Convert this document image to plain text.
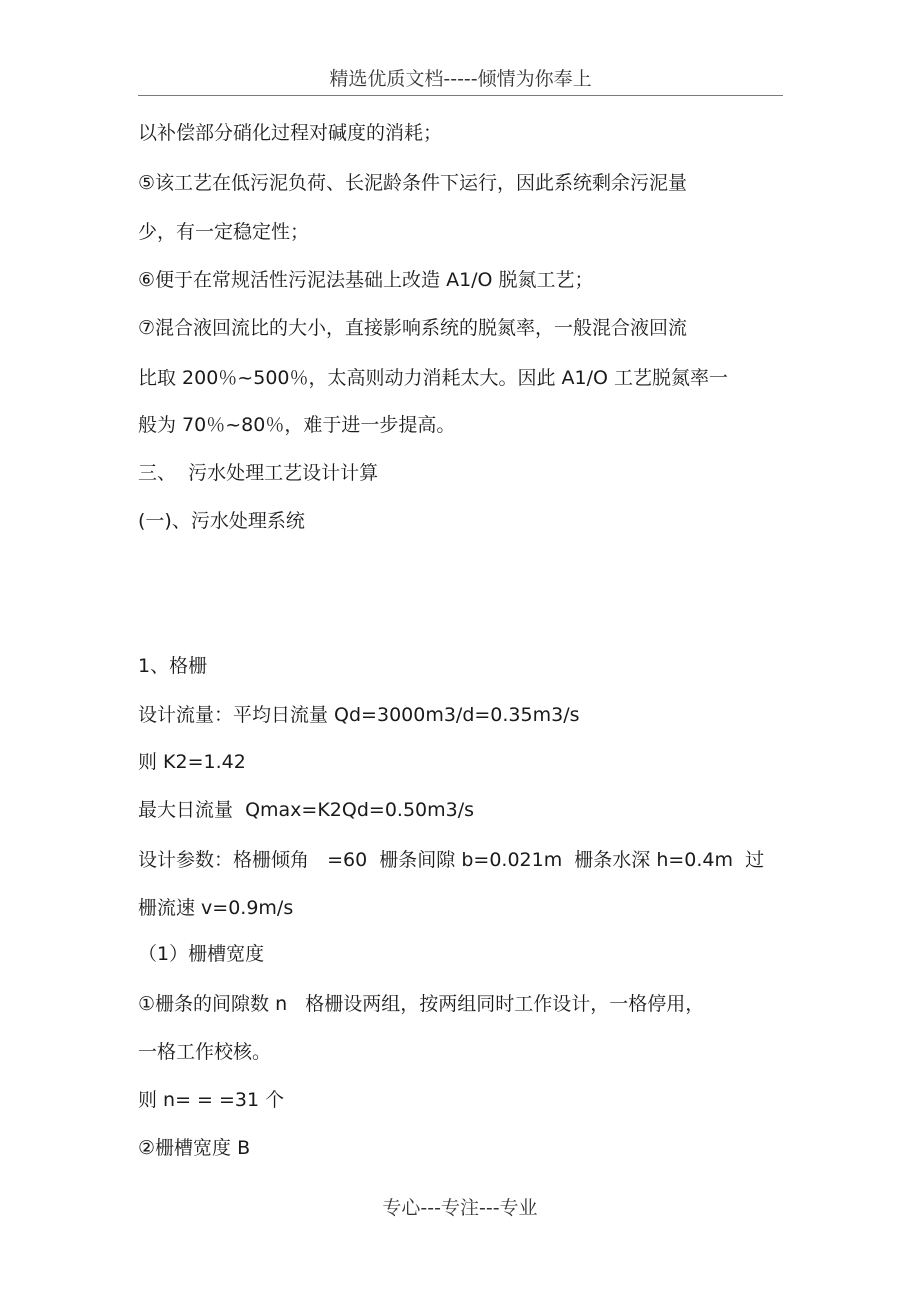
精选优质文档-----倾情为你奉上
以补偿部分硝化过程对碱度的消耗；
⑤该工艺在低污泥负荷、长泥龄条件下运行，因此系统剩余污泥量
少，有一定稳定性；
⑥便于在常规活性污泥法基础上改造 A1/O 脱氮工艺；
⑦混合液回流比的大小，直接影响系统的脱氮率，一般混合液回流
比取 200％~500％，太高则动力消耗太大。因此 A1/O 工艺脱氮率一
般为 70％~80％，难于进一步提高。
三、  污水处理工艺设计计算
(一)、污水处理系统
1、格栅
设计流量：平均日流量 Qd=3000m3/d=0.35m3/s
则 K2=1.42
最大日流量  Qmax=K2Qd=0.50m3/s
设计参数：格栅倾角   =60  栅条间隙 b=0.021m  栅条水深 h=0.4m  过
栅流速 v=0.9m/s
（1）栅槽宽度
①栅条的间隙数 n   格栅设两组，按两组同时工作设计，一格停用，
一格工作校核。
则 n= = =31 个
②栅槽宽度 B
专心---专注---专业
